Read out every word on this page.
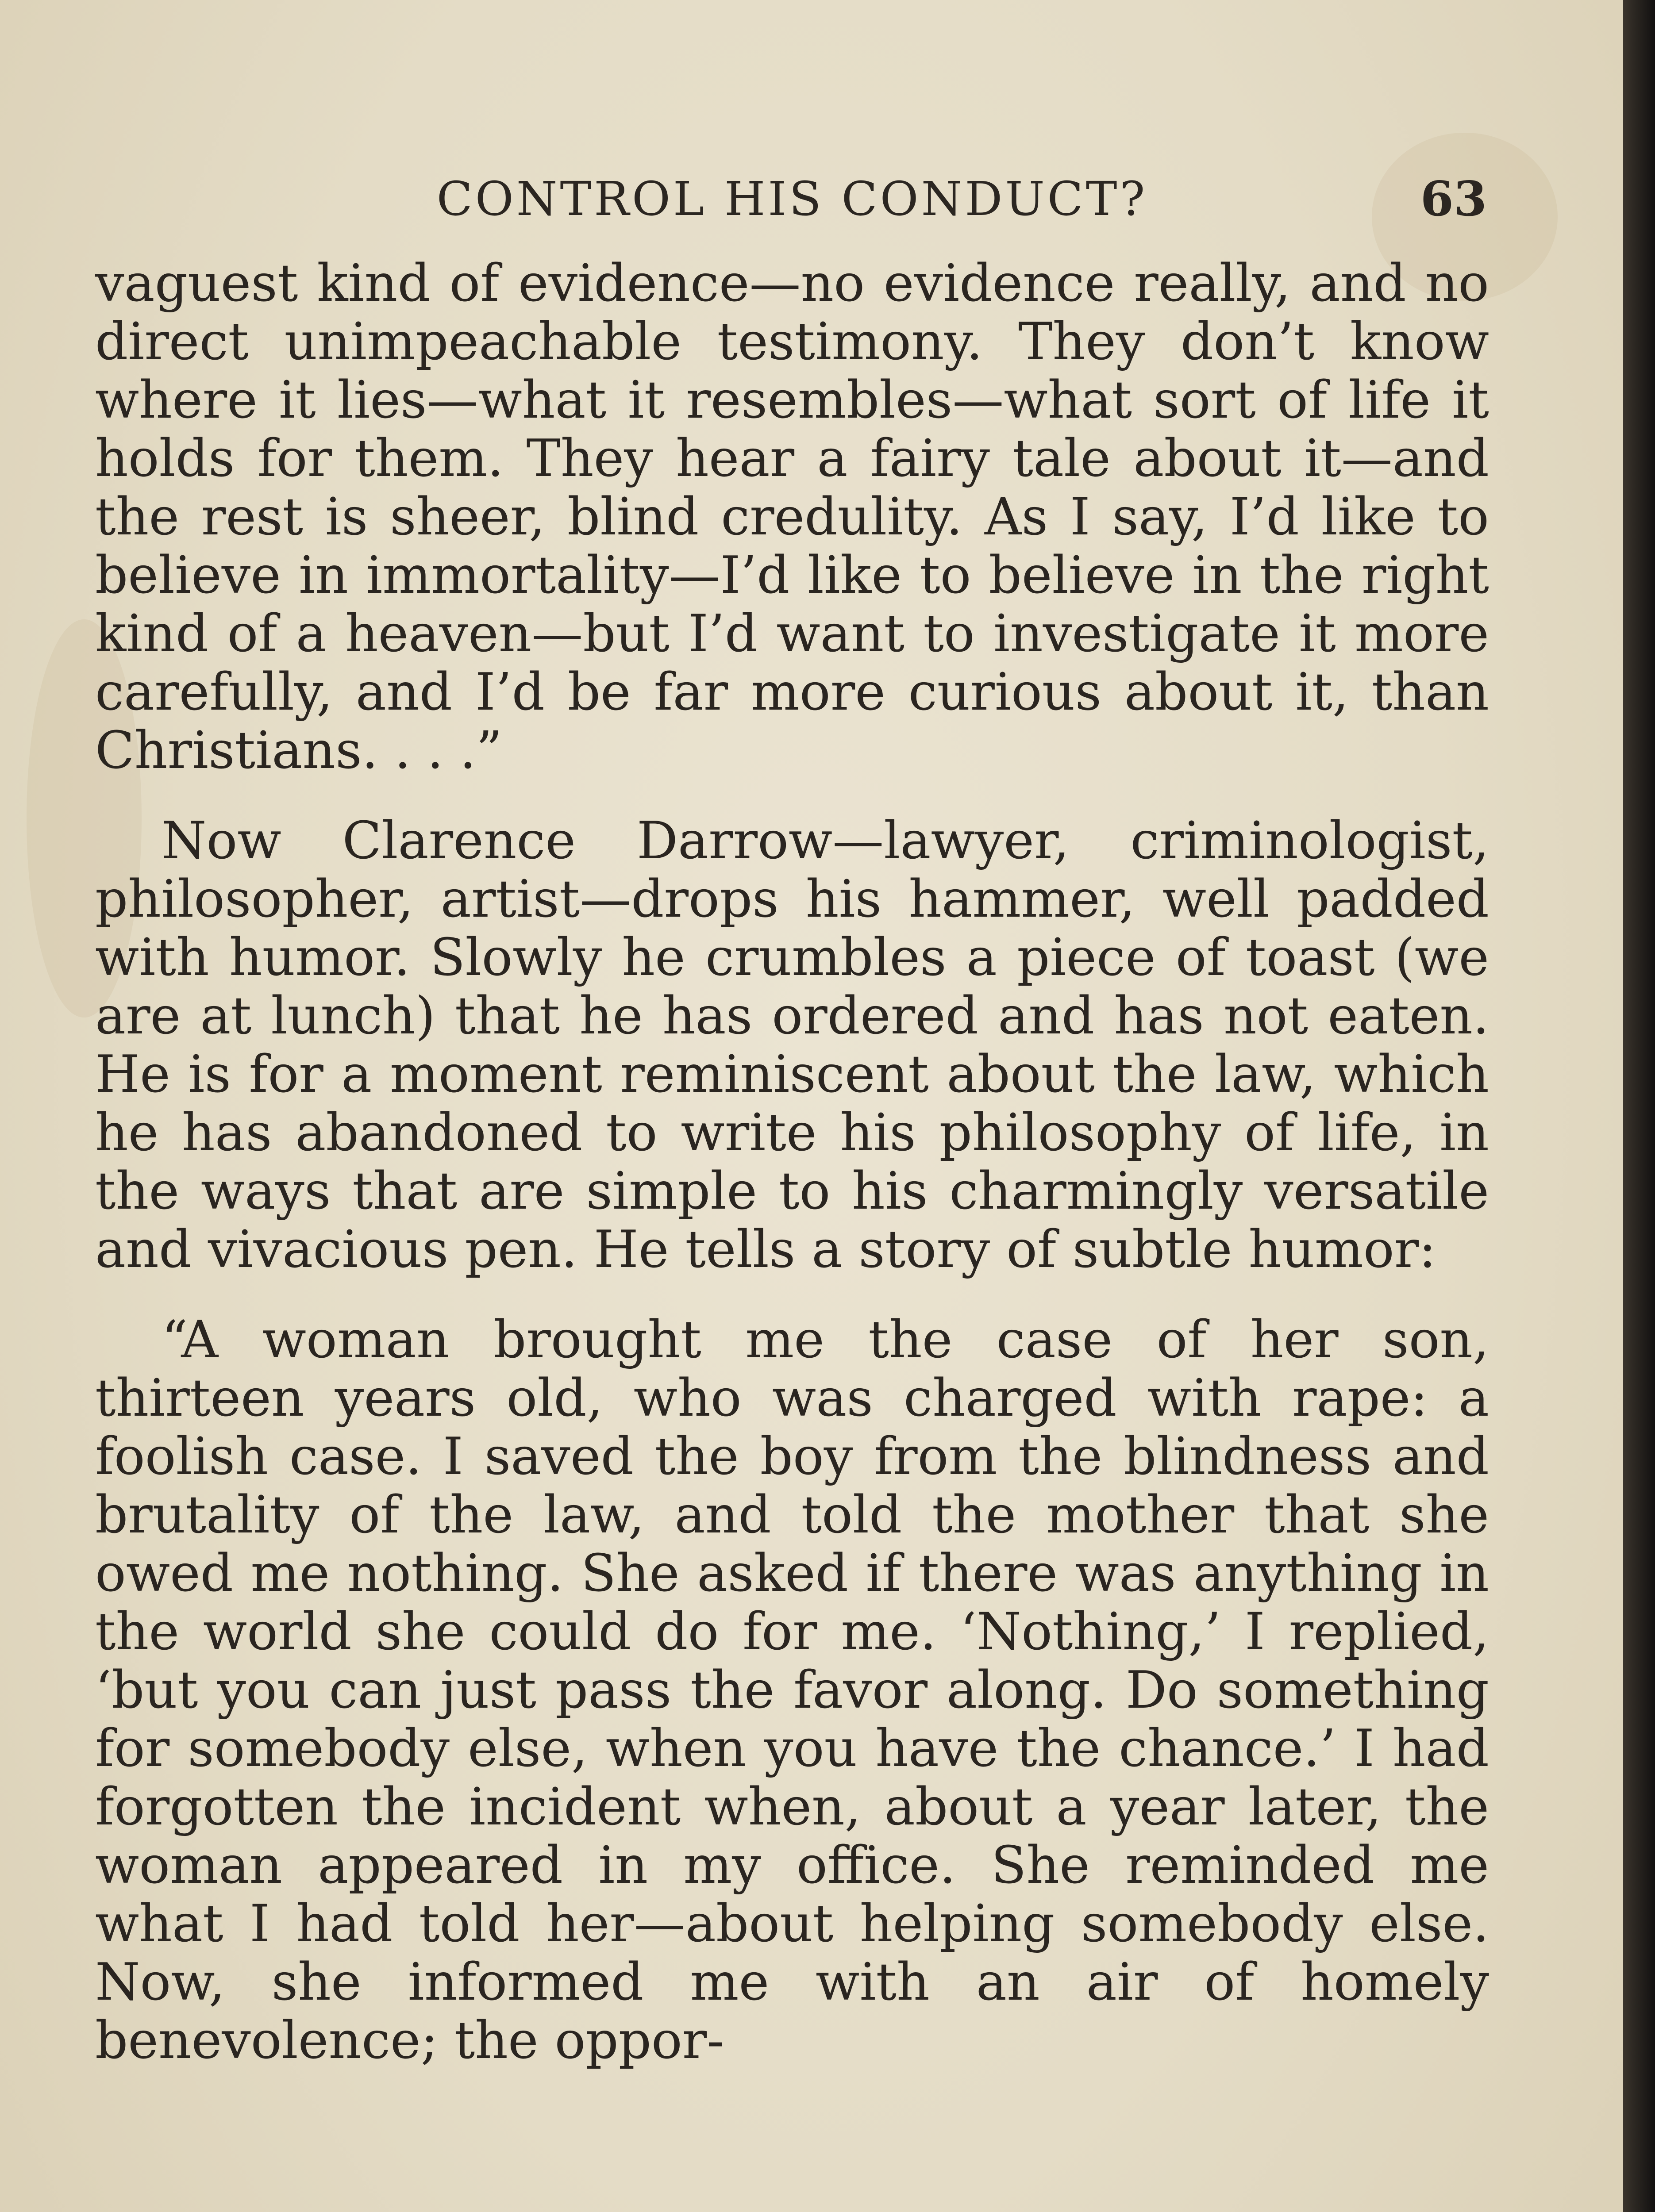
CONTROL HIS CONDUCT?	63

vaguest kind of evidence—no evidence really, and no direct unimpeachable testimony. They don’t know where it lies—what it resembles—what sort of life it holds for them. They hear a fairy tale about it—and the rest is sheer, blind credulity. As I say, I’d like to believe in immortality—I’d like to believe in the right kind of a heaven—but I’d want to investigate it more carefully, and I’d be far more curious about it, than Christians. . . .”

Now Clarence Darrow—lawyer, criminologist, philosopher, artist—drops his hammer, well padded with humor. Slowly he crumbles a piece of toast (we are at lunch) that he has ordered and has not eaten. He is for a moment reminiscent about the law, which he has abandoned to write his philosophy of life, in the ways that are simple to his charmingly versatile and vivacious pen. He tells a story of subtle humor:

“A woman brought me the case of her son, thirteen years old, who was charged with rape: a foolish case. I saved the boy from the blindness and brutality of the law, and told the mother that she owed me nothing. She asked if there was anything in the world she could do for me. ‘Nothing,’ I replied, ‘but you can just pass the favor along. Do something for somebody else, when you have the chance.’ I had forgotten the incident when, about a year later, the woman appeared in my office. She reminded me what I had told her—about helping somebody else. Now, she informed me with an air of homely benevolence; the oppor-
